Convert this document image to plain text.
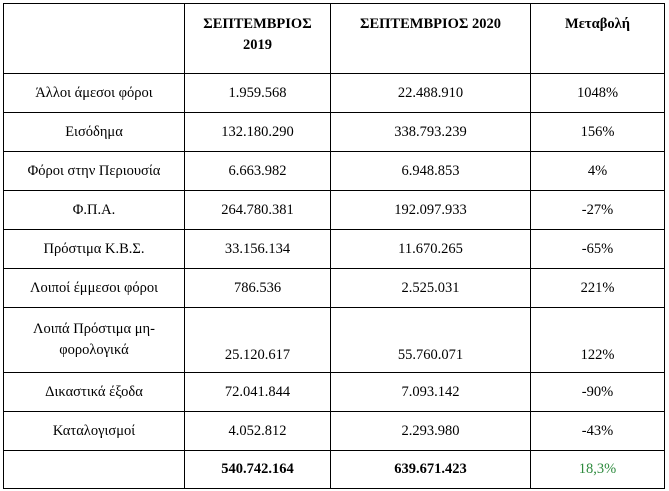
	ΣΕΠΤΕΜΒΡΙΟΣ 2019	ΣΕΠΤΕΜΒΡΙΟΣ 2020	Μεταβολή
Άλλοι άμεσοι φόροι	1.959.568	22.488.910	1048%
Εισόδημα	132.180.290	338.793.239	156%
Φόροι στην Περιουσία	6.663.982	6.948.853	4%
Φ.Π.Α.	264.780.381	192.097.933	-27%
Πρόστιμα Κ.Β.Σ.	33.156.134	11.670.265	-65%
Λοιποί έμμεσοι φόροι	786.536	2.525.031	221%
Λοιπά Πρόστιμα μη-φορολογικά	25.120.617	55.760.071	122%
Δικαστικά έξοδα	72.041.844	7.093.142	-90%
Καταλογισμοί	4.052.812	2.293.980	-43%
	540.742.164	639.671.423	18,3%
